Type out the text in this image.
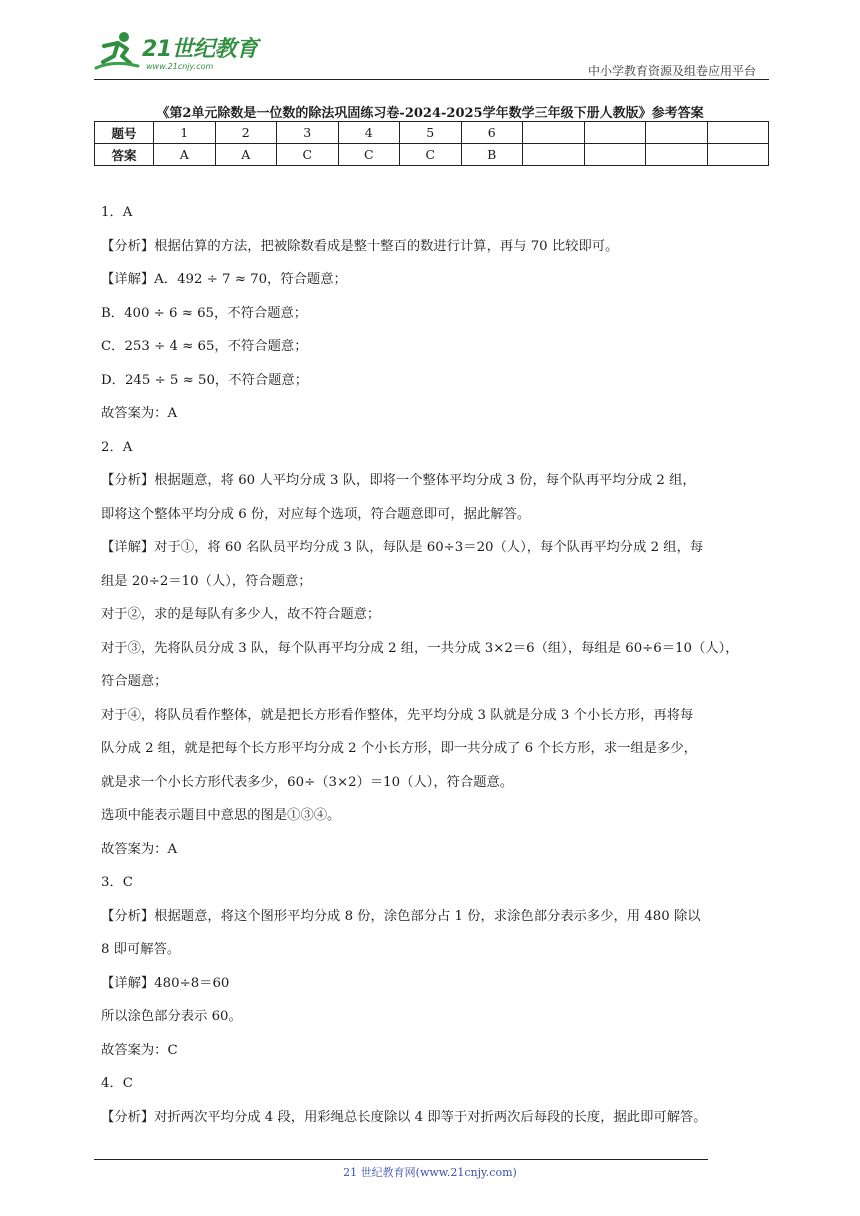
21世纪教育
www.21cnjy.com	中小学教育资源及组卷应用平台
《第2单元除数是一位数的除法巩固练习卷-2024-2025学年数学三年级下册人教版》参考答案
题号	1	2	3	4	5	6				
答案	A	A	C	C	C	B				

1．A

【分析】根据估算的方法，把被除数看成是整十整百的数进行计算，再与 70 比较即可。

【详解】A．492 ÷ 7 ≈ 70，符合题意；

B．400 ÷ 6 ≈ 65，不符合题意；

C．253 ÷ 4 ≈ 65，不符合题意；

D．245 ÷ 5 ≈ 50，不符合题意；

故答案为：A

2．A

【分析】根据题意，将 60 人平均分成 3 队，即将一个整体平均分成 3 份，每个队再平均分成 2 组，

即将这个整体平均分成 6 份，对应每个选项，符合题意即可，据此解答。

【详解】对于①，将 60 名队员平均分成 3 队，每队是 60÷3＝20（人），每个队再平均分成 2 组，每

组是 20÷2＝10（人），符合题意；

对于②，求的是每队有多少人，故不符合题意；

对于③，先将队员分成 3 队，每个队再平均分成 2 组，一共分成 3×2＝6（组），每组是 60÷6＝10（人），

符合题意；

对于④，将队员看作整体，就是把长方形看作整体，先平均分成 3 队就是分成 3 个小长方形，再将每

队分成 2 组，就是把每个长方形平均分成 2 个小长方形，即一共分成了 6 个长方形，求一组是多少，

就是求一个小长方形代表多少，60÷（3×2）＝10（人），符合题意。

选项中能表示题目中意思的图是①③④。

故答案为：A

3．C

【分析】根据题意，将这个图形平均分成 8 份，涂色部分占 1 份，求涂色部分表示多少，用 480 除以

8 即可解答。

【详解】480÷8＝60

所以涂色部分表示 60。

故答案为：C

4．C

【分析】对折两次平均分成 4 段，用彩绳总长度除以 4 即等于对折两次后每段的长度，据此即可解答。

21 世纪教育网(www.21cnjy.com)
